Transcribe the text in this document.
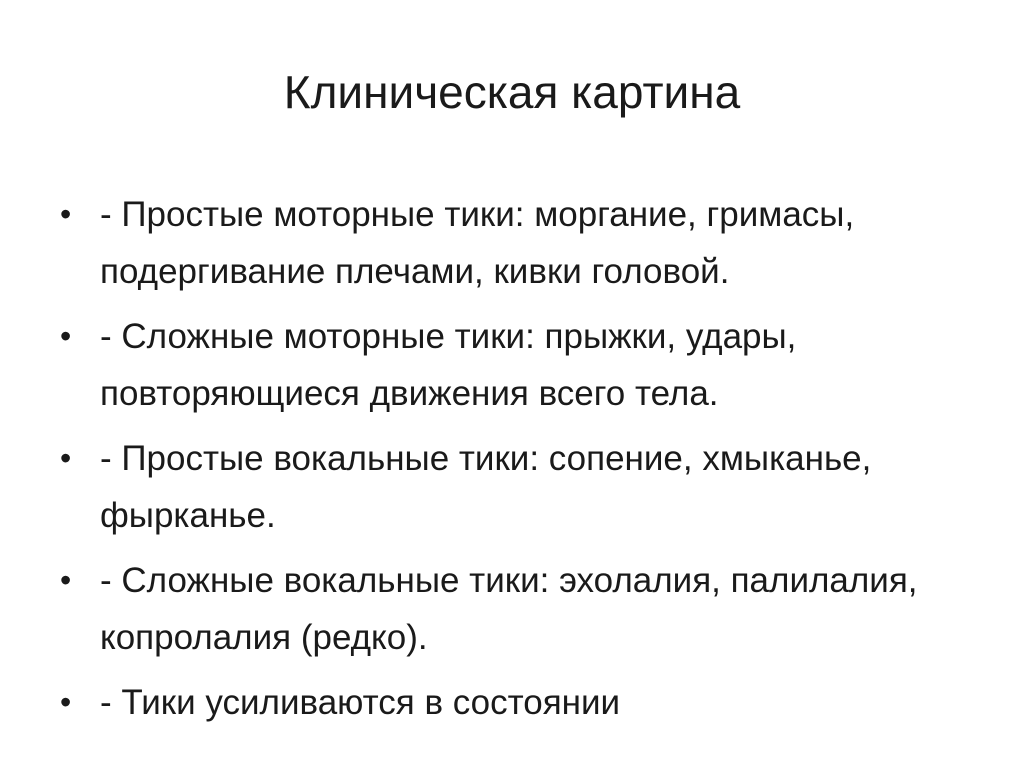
Клиническая картина
• - Простые моторные тики: моргание, гримасы, подергивание плечами, кивки головой.
• - Сложные моторные тики: прыжки, удары, повторяющиеся движения всего тела.
• - Простые вокальные тики: сопение, хмыканье, фырканье.
• - Сложные вокальные тики: эхолалия, палилалия, копролалия (редко).
• - Тики усиливаются в состоянии
